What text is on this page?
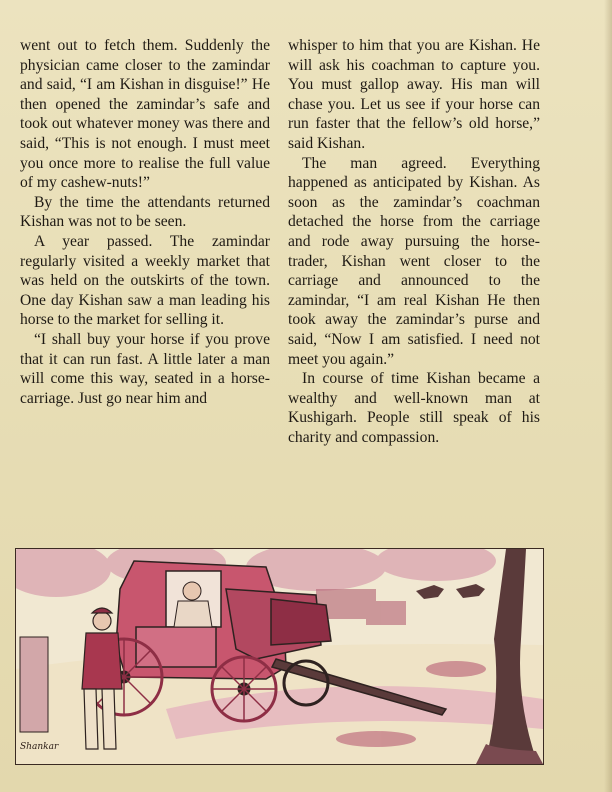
went out to fetch them. Suddenly the physician came closer to the zamindar and said, “I am Kishan in disguise!” He then opened the zamindar’s safe and took out whatever money was there and said, “This is not enough. I must meet you once more to realise the full value of my cashew-nuts!”

By the time the attendants returned Kishan was not to be seen.

A year passed. The zamindar regularly visited a weekly market that was held on the outskirts of the town. One day Kishan saw a man leading his horse to the market for selling it.

“I shall buy your horse if you prove that it can run fast. A little later a man will come this way, seated in a horse-carriage. Just go near him and

whisper to him that you are Kishan. He will ask his coachman to capture you. You must gallop away. His man will chase you. Let us see if your horse can run faster that the fellow’s old horse,” said Kishan.

The man agreed. Everything happened as anticipated by Kishan. As soon as the zamindar’s coachman detached the horse from the carriage and rode away pursuing the horse-trader, Kishan went closer to the carriage and announced to the zamindar, “I am real Kishan He then took away the zamindar’s purse and said, “Now I am satisfied. I need not meet you again.”

In course of time Kishan became a wealthy and well-known man at Kushigarh. People still speak of his charity and compassion.

Shankar
